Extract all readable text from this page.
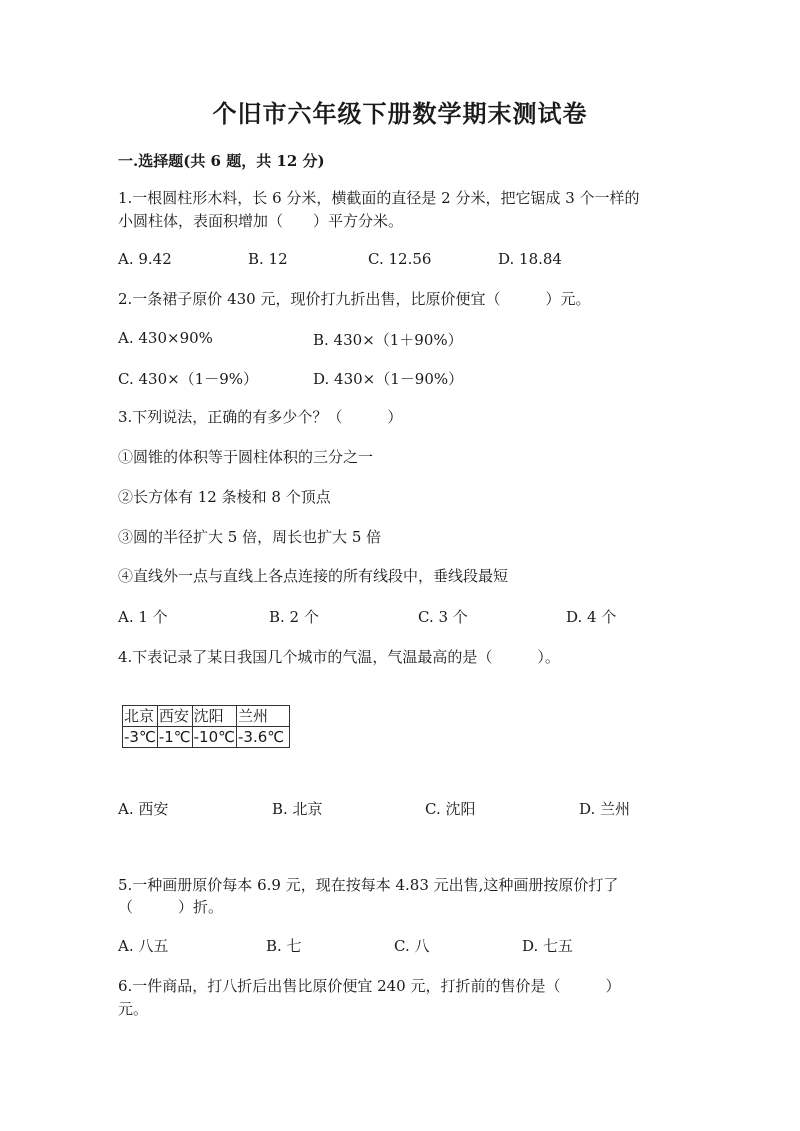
个旧市六年级下册数学期末测试卷
一.选择题(共 6 题，共 12 分)
1.一根圆柱形木料，长 6 分米，横截面的直径是 2 分米，把它锯成 3 个一样的
小圆柱体，表面积增加（　　）平方分米。
A. 9.42	B. 12	C. 12.56	D. 18.84
2.一条裙子原价 430 元，现价打九折出售，比原价便宜（　　　）元。
A. 430×90%	B. 430×（1＋90%）
C. 430×（1－9%）	D. 430×（1－90%）
3.下列说法，正确的有多少个？（　　　）
①圆锥的体积等于圆柱体积的三分之一
②长方体有 12 条棱和 8 个顶点
③圆的半径扩大 5 倍，周长也扩大 5 倍
④直线外一点与直线上各点连接的所有线段中，垂线段最短
A. 1 个	B. 2 个	C. 3 个	D. 4 个
4.下表记录了某日我国几个城市的气温，气温最高的是（　　　）。
北京	西安	沈阳	兰州
-3℃	-1℃	-10℃	-3.6℃
A. 西安	B. 北京	C. 沈阳	D. 兰州
5.一种画册原价每本 6.9 元，现在按每本 4.83 元出售,这种画册按原价打了
（　　　）折。
A. 八五	B. 七	C. 八	D. 七五
6.一件商品，打八折后出售比原价便宜 240 元，打折前的售价是（　　　）
元。
